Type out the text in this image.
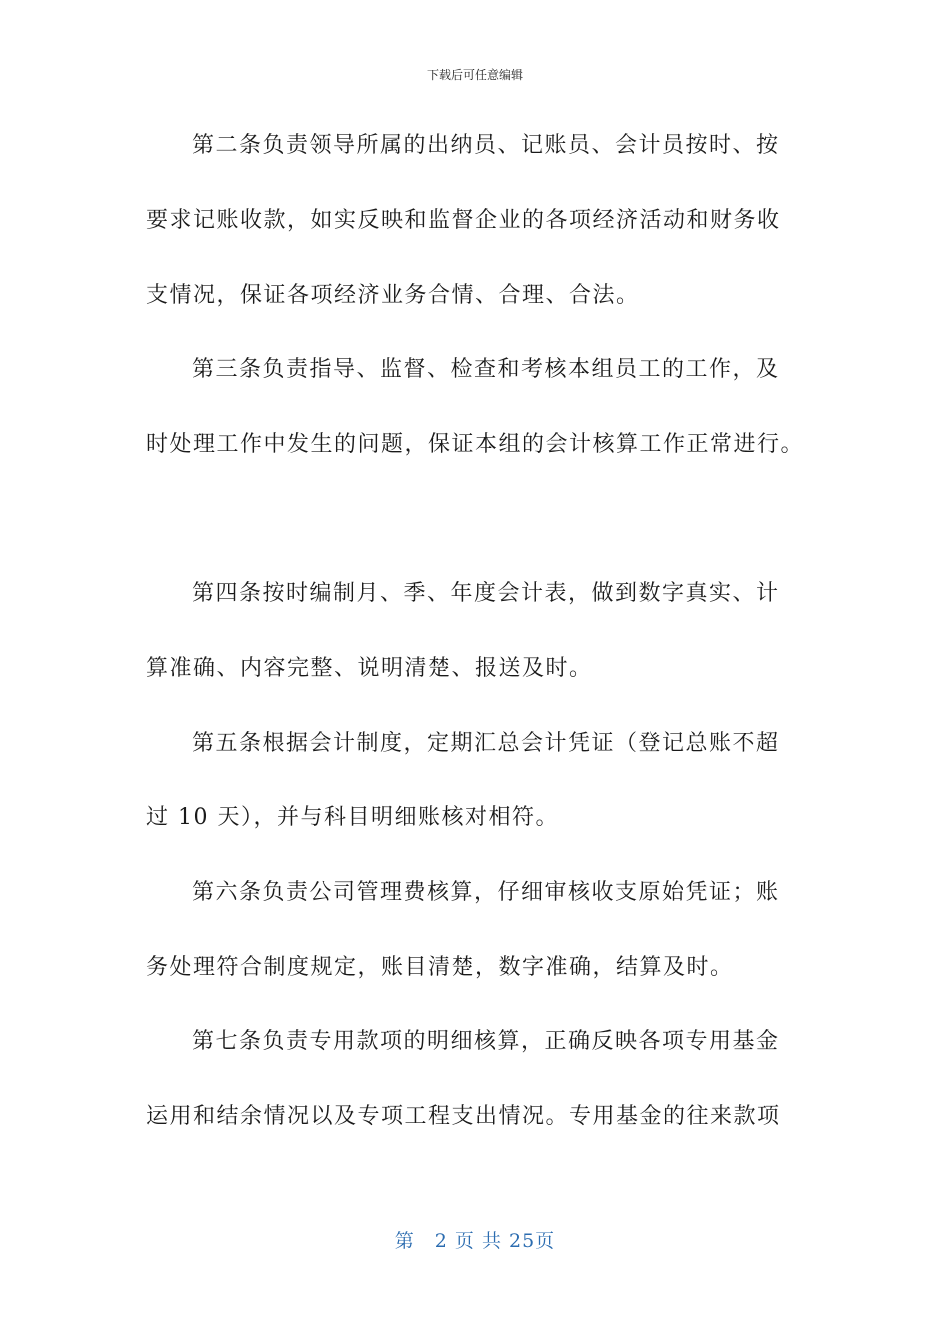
下载后可任意编辑
第二条负责领导所属的出纳员、记账员、会计员按时、按
要求记账收款，如实反映和监督企业的各项经济活动和财务收
支情况，保证各项经济业务合情、合理、合法。
第三条负责指导、监督、检查和考核本组员工的工作，及
时处理工作中发生的问题，保证本组的会计核算工作正常进行。
第四条按时编制月、季、年度会计表，做到数字真实、计
算准确、内容完整、说明清楚、报送及时。
第五条根据会计制度，定期汇总会计凭证（登记总账不超
过 10 天），并与科目明细账核对相符。
第六条负责公司管理费核算，仔细审核收支原始凭证；账
务处理符合制度规定，账目清楚，数字准确，结算及时。
第七条负责专用款项的明细核算，正确反映各项专用基金
运用和结余情况以及专项工程支出情况。专用基金的往来款项
第　2 页 共 25页
